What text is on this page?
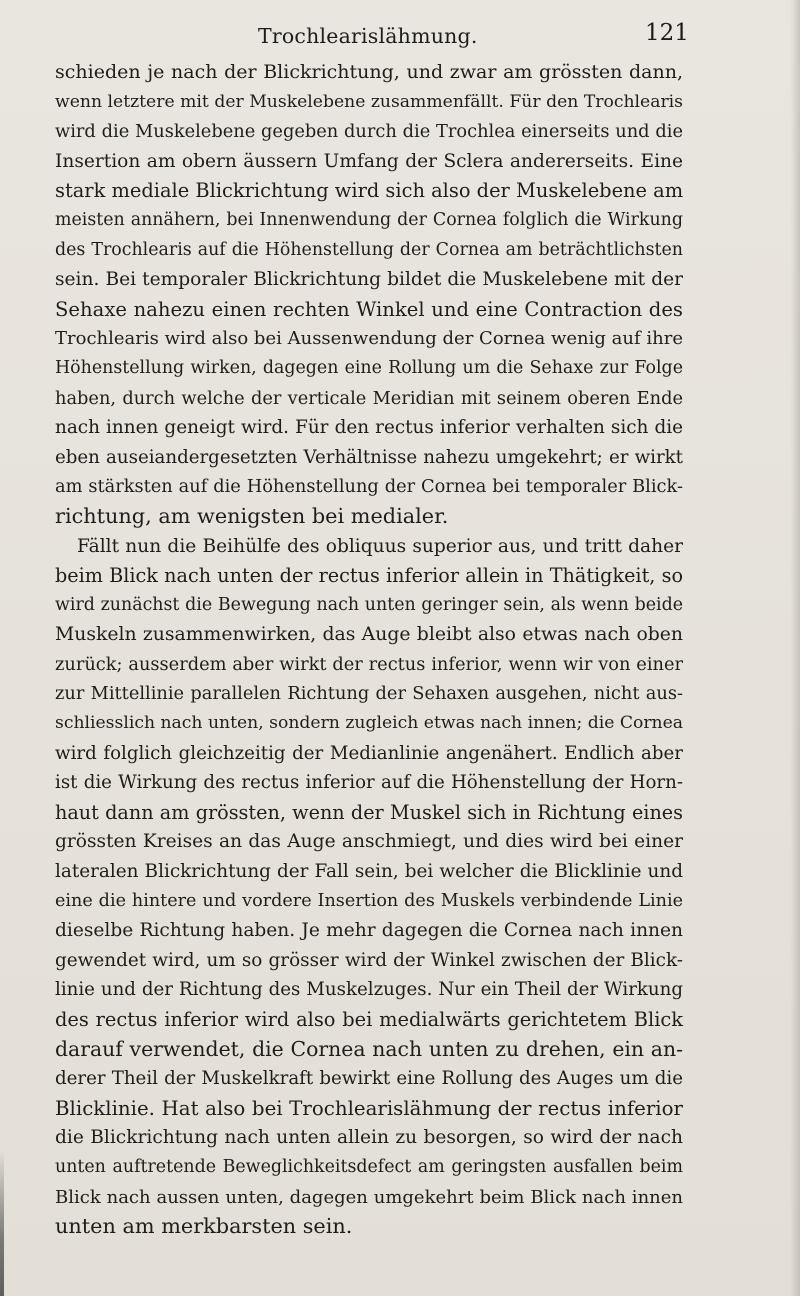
Trochlearislähmung.	121
schieden je nach der Blickrichtung, und zwar am grössten dann,
wenn letztere mit der Muskelebene zusammenfällt. Für den Trochlearis
wird die Muskelebene gegeben durch die Trochlea einerseits und die
Insertion am obern äussern Umfang der Sclera andererseits. Eine
stark mediale Blickrichtung wird sich also der Muskelebene am
meisten annähern, bei Innenwendung der Cornea folglich die Wirkung
des Trochlearis auf die Höhenstellung der Cornea am beträchtlichsten
sein. Bei temporaler Blickrichtung bildet die Muskelebene mit der
Sehaxe nahezu einen rechten Winkel und eine Contraction des
Trochlearis wird also bei Aussenwendung der Cornea wenig auf ihre
Höhenstellung wirken, dagegen eine Rollung um die Sehaxe zur Folge
haben, durch welche der verticale Meridian mit seinem oberen Ende
nach innen geneigt wird. Für den rectus inferior verhalten sich die
eben auseiandergesetzten Verhältnisse nahezu umgekehrt; er wirkt
am stärksten auf die Höhenstellung der Cornea bei temporaler Blick-
richtung, am wenigsten bei medialer.
Fällt nun die Beihülfe des obliquus superior aus, und tritt daher
beim Blick nach unten der rectus inferior allein in Thätigkeit, so
wird zunächst die Bewegung nach unten geringer sein, als wenn beide
Muskeln zusammenwirken, das Auge bleibt also etwas nach oben
zurück; ausserdem aber wirkt der rectus inferior, wenn wir von einer
zur Mittellinie parallelen Richtung der Sehaxen ausgehen, nicht aus-
schliesslich nach unten, sondern zugleich etwas nach innen; die Cornea
wird folglich gleichzeitig der Medianlinie angenähert. Endlich aber
ist die Wirkung des rectus inferior auf die Höhenstellung der Horn-
haut dann am grössten, wenn der Muskel sich in Richtung eines
grössten Kreises an das Auge anschmiegt, und dies wird bei einer
lateralen Blickrichtung der Fall sein, bei welcher die Blicklinie und
eine die hintere und vordere Insertion des Muskels verbindende Linie
dieselbe Richtung haben. Je mehr dagegen die Cornea nach innen
gewendet wird, um so grösser wird der Winkel zwischen der Blick-
linie und der Richtung des Muskelzuges. Nur ein Theil der Wirkung
des rectus inferior wird also bei medialwärts gerichtetem Blick
darauf verwendet, die Cornea nach unten zu drehen, ein an-
derer Theil der Muskelkraft bewirkt eine Rollung des Auges um die
Blicklinie. Hat also bei Trochlearislähmung der rectus inferior
die Blickrichtung nach unten allein zu besorgen, so wird der nach
unten auftretende Beweglichkeitsdefect am geringsten ausfallen beim
Blick nach aussen unten, dagegen umgekehrt beim Blick nach innen
unten am merkbarsten sein.
